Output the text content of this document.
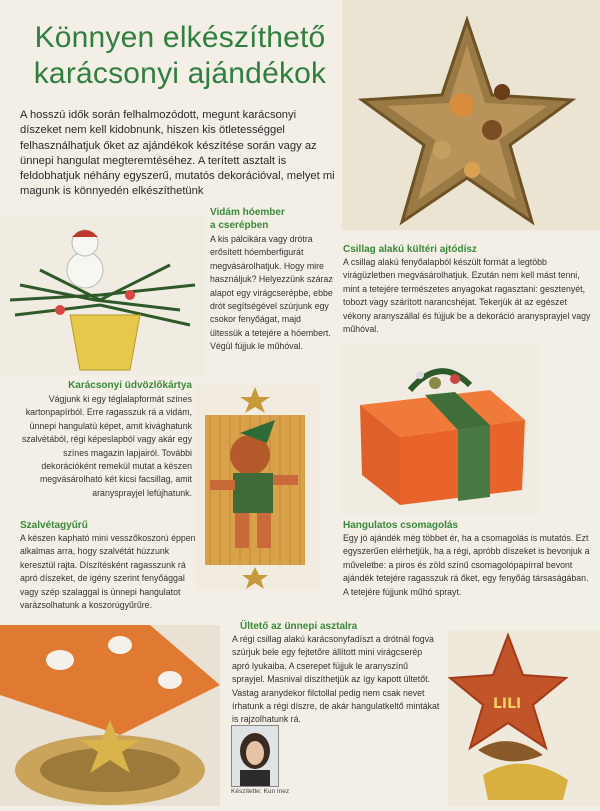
Könnyen elkészíthető karácsonyi ajándékok
A hosszú idők során felhalmozódott, megunt karácsonyi díszeket nem kell kidobnunk, hiszen kis ötletességgel felhasználhatjuk őket az ajándékok készítése során vagy az ünnepi hangulat megteremtéséhez. A terített asztalt is feldobhatjuk néhány egyszerű, mutatós dekorációval, melyet mi magunk is könnyedén elkészíthetünk
Vidám hóember
a cserépben
A kis pálcikára vagy drótra erősített hóemberfigurát megvásárolhatjuk. Hogy mire használjuk? Helyezzünk száraz alapot egy virágcserépbe, ebbe drót segítségével szúrjunk egy csokor fenyőágat, majd ültessük a tetejére a hóembert. Végül fújjuk le műhóval.
Csillag alakú kültéri ajtódísz
A csillag alakú fenyőalapból készült formát a legtöbb virágüzletben megvásárolhatjuk. Ezután nem kell mást tenni, mint a tetejére természetes anyagokat ragasztani: gesztenyét, tobozt vagy szárított narancshéjat. Tekerjük át az egészet vékony aranyszállal és fújjuk be a dekoráció aranysprayjel vagy műhóval.
Karácsonyi üdvözlőkártya
Vágjunk ki egy téglalapformát színes kartonpapírból. Erre ragasszuk rá a vidám, ünnepi hangulatú képet, amit kivághatunk szalvétából, régi képeslapból vagy akár egy színes magazin lapjairól. További dekorációként remekül mutat a készen megvásárolható két kicsi facsillag, amit aranysprayjel lefújhatunk.
Szalvétagyűrű
A készen kapható mini vesszőkoszorú éppen alkalmas arra, hogy szalvétát húzzunk keresztül rajta. Díszítésként ragasszunk rá apró díszeket, de igény szerint fenyőággal vagy szép szalaggal is ünnepi hangulatot varázsolhatunk a koszorúgyűrűre.
Hangulatos csomagolás
Egy jó ajándék még többet ér, ha a csomagolás is mutatós. Ezt egyszerűen elérhetjük, ha a régi, apróbb díszeket is bevonjuk a műveletbe: a piros és zöld színű csomagolópapírral bevont ajándék tetejére ragasszuk rá őket, egy fenyőág társaságában. A tetejére fújjunk műhó sprayt.
Ültető az ünnepi asztalra
A régi csillag alakú karácsonyfadíszt a drótnál fogva szúrjuk bele egy fejtetőre állított mini virágcserép apró lyukaiba. A cserepet fújjuk le aranyszínű sprayjel. Masnival díszíthetjük az így kapott ültetőt. Vastag aranydekor filctollal pedig nem csak nevet írhatunk a régi díszre, de akár hangulatkeltő mintákat is rajzolhatunk rá.
Készítette: Kun Inez
LILI
